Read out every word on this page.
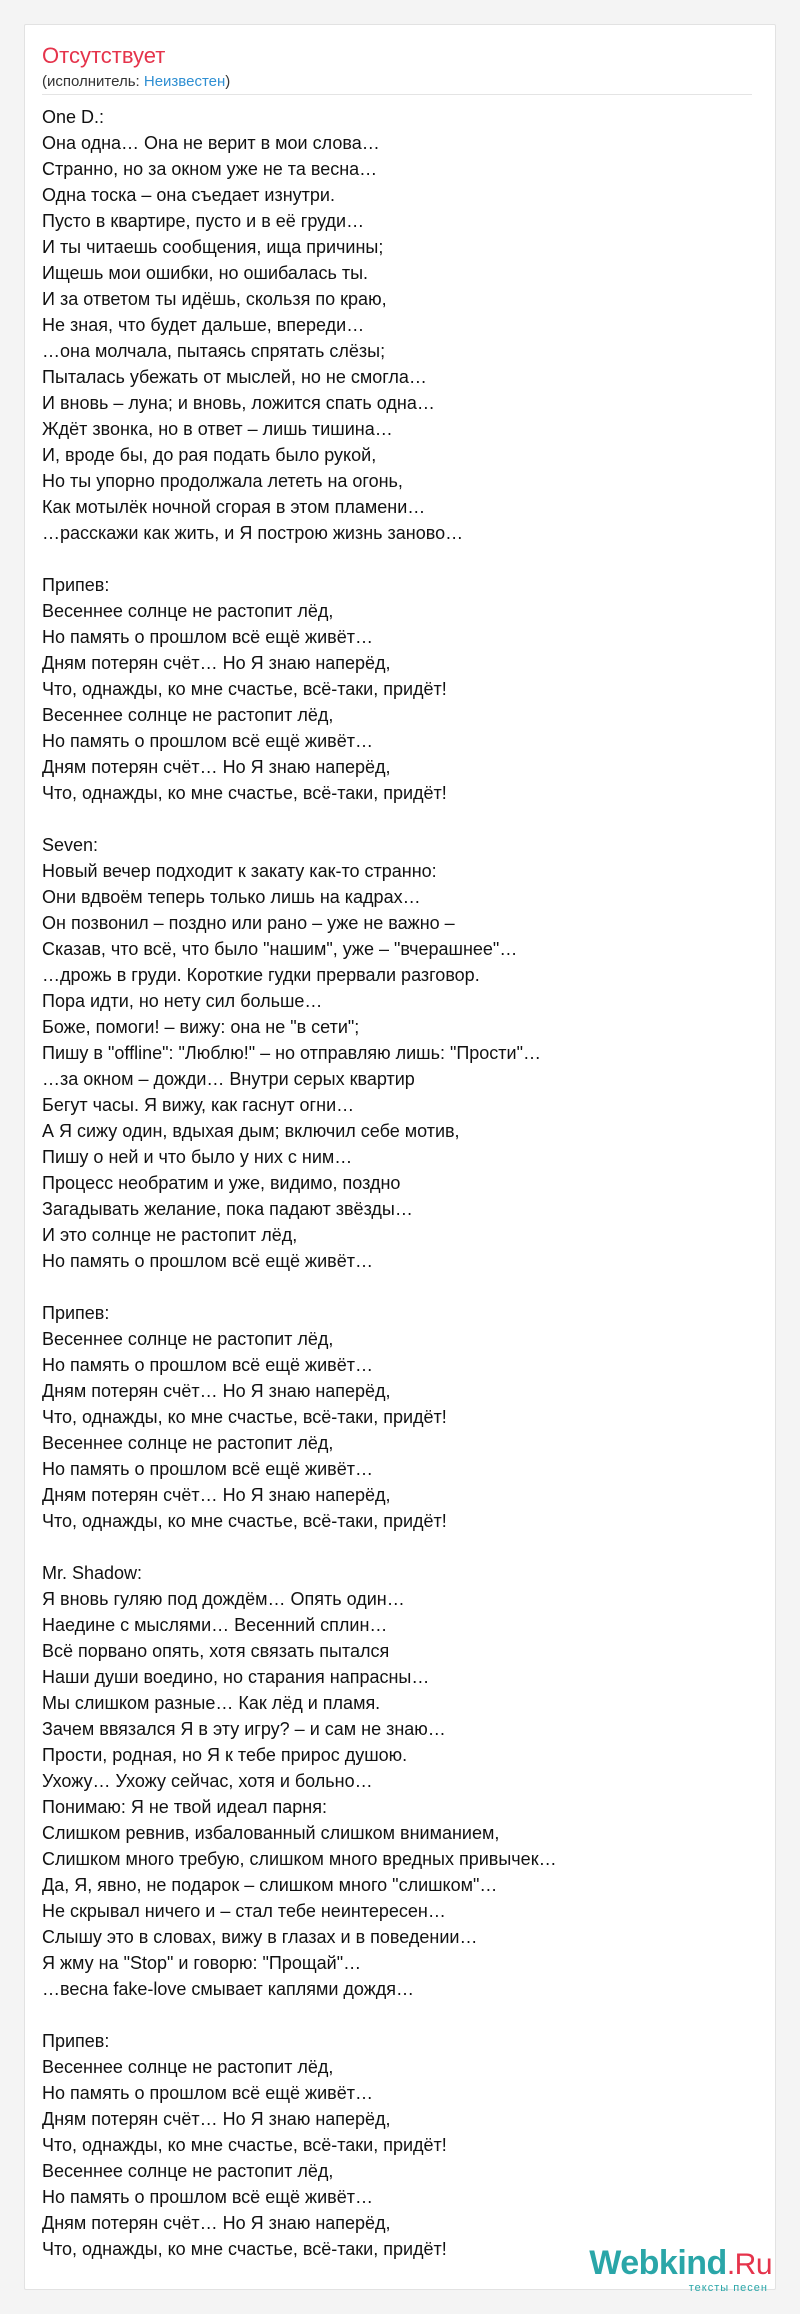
Отсутствует
(исполнитель: Неизвестен)
One D.:
Она одна… Она не верит в мои слова…
Странно, но за окном уже не та весна…
Одна тоска – она съедает изнутри.
Пусто в квартире, пусто и в её груди…
И ты читаешь сообщения, ища причины;
Ищешь мои ошибки, но ошибалась ты.
И за ответом ты идёшь, скользя по краю,
Не зная, что будет дальше, впереди…
…она молчала, пытаясь спрятать слёзы;
Пыталась убежать от мыслей, но не смогла…
И вновь – луна; и вновь, ложится спать одна…
Ждёт звонка, но в ответ – лишь тишина…
И, вроде бы, до рая подать было рукой,
Но ты упорно продолжала лететь на огонь,
Как мотылёк ночной сгорая в этом пламени…
…расскажи как жить, и Я построю жизнь заново…
Припев:
Весеннее солнце не растопит лёд,
Но память о прошлом всё ещё живёт…
Дням потерян счёт… Но Я знаю наперёд,
Что, однажды, ко мне счастье, всё-таки, придёт!
Весеннее солнце не растопит лёд,
Но память о прошлом всё ещё живёт…
Дням потерян счёт… Но Я знаю наперёд,
Что, однажды, ко мне счастье, всё-таки, придёт!
Seven:
Новый вечер подходит к закату как-то странно:
Они вдвоём теперь только лишь на кадрах…
Он позвонил – поздно или рано – уже не важно –
Сказав, что всё, что было "нашим", уже – "вчерашнее"…
…дрожь в груди. Короткие гудки прервали разговор.
Пора идти, но нету сил больше…
Боже, помоги! – вижу: она не "в сети";
Пишу в "offline": "Люблю!" – но отправляю лишь: "Прости"…
…за окном – дожди… Внутри серых квартир
Бегут часы. Я вижу, как гаснут огни…
А Я сижу один, вдыхая дым; включил себе мотив,
Пишу о ней и что было у них с ним…
Процесс необратим и уже, видимо, поздно
Загадывать желание, пока падают звёзды…
И это солнце не растопит лёд,
Но память о прошлом всё ещё живёт…
Припев:
Весеннее солнце не растопит лёд,
Но память о прошлом всё ещё живёт…
Дням потерян счёт… Но Я знаю наперёд,
Что, однажды, ко мне счастье, всё-таки, придёт!
Весеннее солнце не растопит лёд,
Но память о прошлом всё ещё живёт…
Дням потерян счёт… Но Я знаю наперёд,
Что, однажды, ко мне счастье, всё-таки, придёт!
Mr. Shadow:
Я вновь гуляю под дождём… Опять один…
Наедине с мыслями… Весенний сплин…
Всё порвано опять, хотя связать пытался
Наши души воедино, но старания напрасны…
Мы слишком разные… Как лёд и пламя.
Зачем ввязался Я в эту игру? – и сам не знаю…
Прости, родная, но Я к тебе прирос душою.
Ухожу… Ухожу сейчас, хотя и больно…
Понимаю: Я не твой идеал парня:
Слишком ревнив, избалованный слишком вниманием,
Слишком много требую, слишком много вредных привычек…
Да, Я, явно, не подарок – слишком много "слишком"…
Не скрывал ничего и – стал тебе неинтересен…
Слышу это в словах, вижу в глазах и в поведении…
Я жму на "Stop" и говорю: "Прощай"…
…весна fake-love смывает каплями дождя…
Припев:
Весеннее солнце не растопит лёд,
Но память о прошлом всё ещё живёт…
Дням потерян счёт… Но Я знаю наперёд,
Что, однажды, ко мне счастье, всё-таки, придёт!
Весеннее солнце не растопит лёд,
Но память о прошлом всё ещё живёт…
Дням потерян счёт… Но Я знаю наперёд,
Что, однажды, ко мне счастье, всё-таки, придёт!	Webkind.Ru
тексты песен
